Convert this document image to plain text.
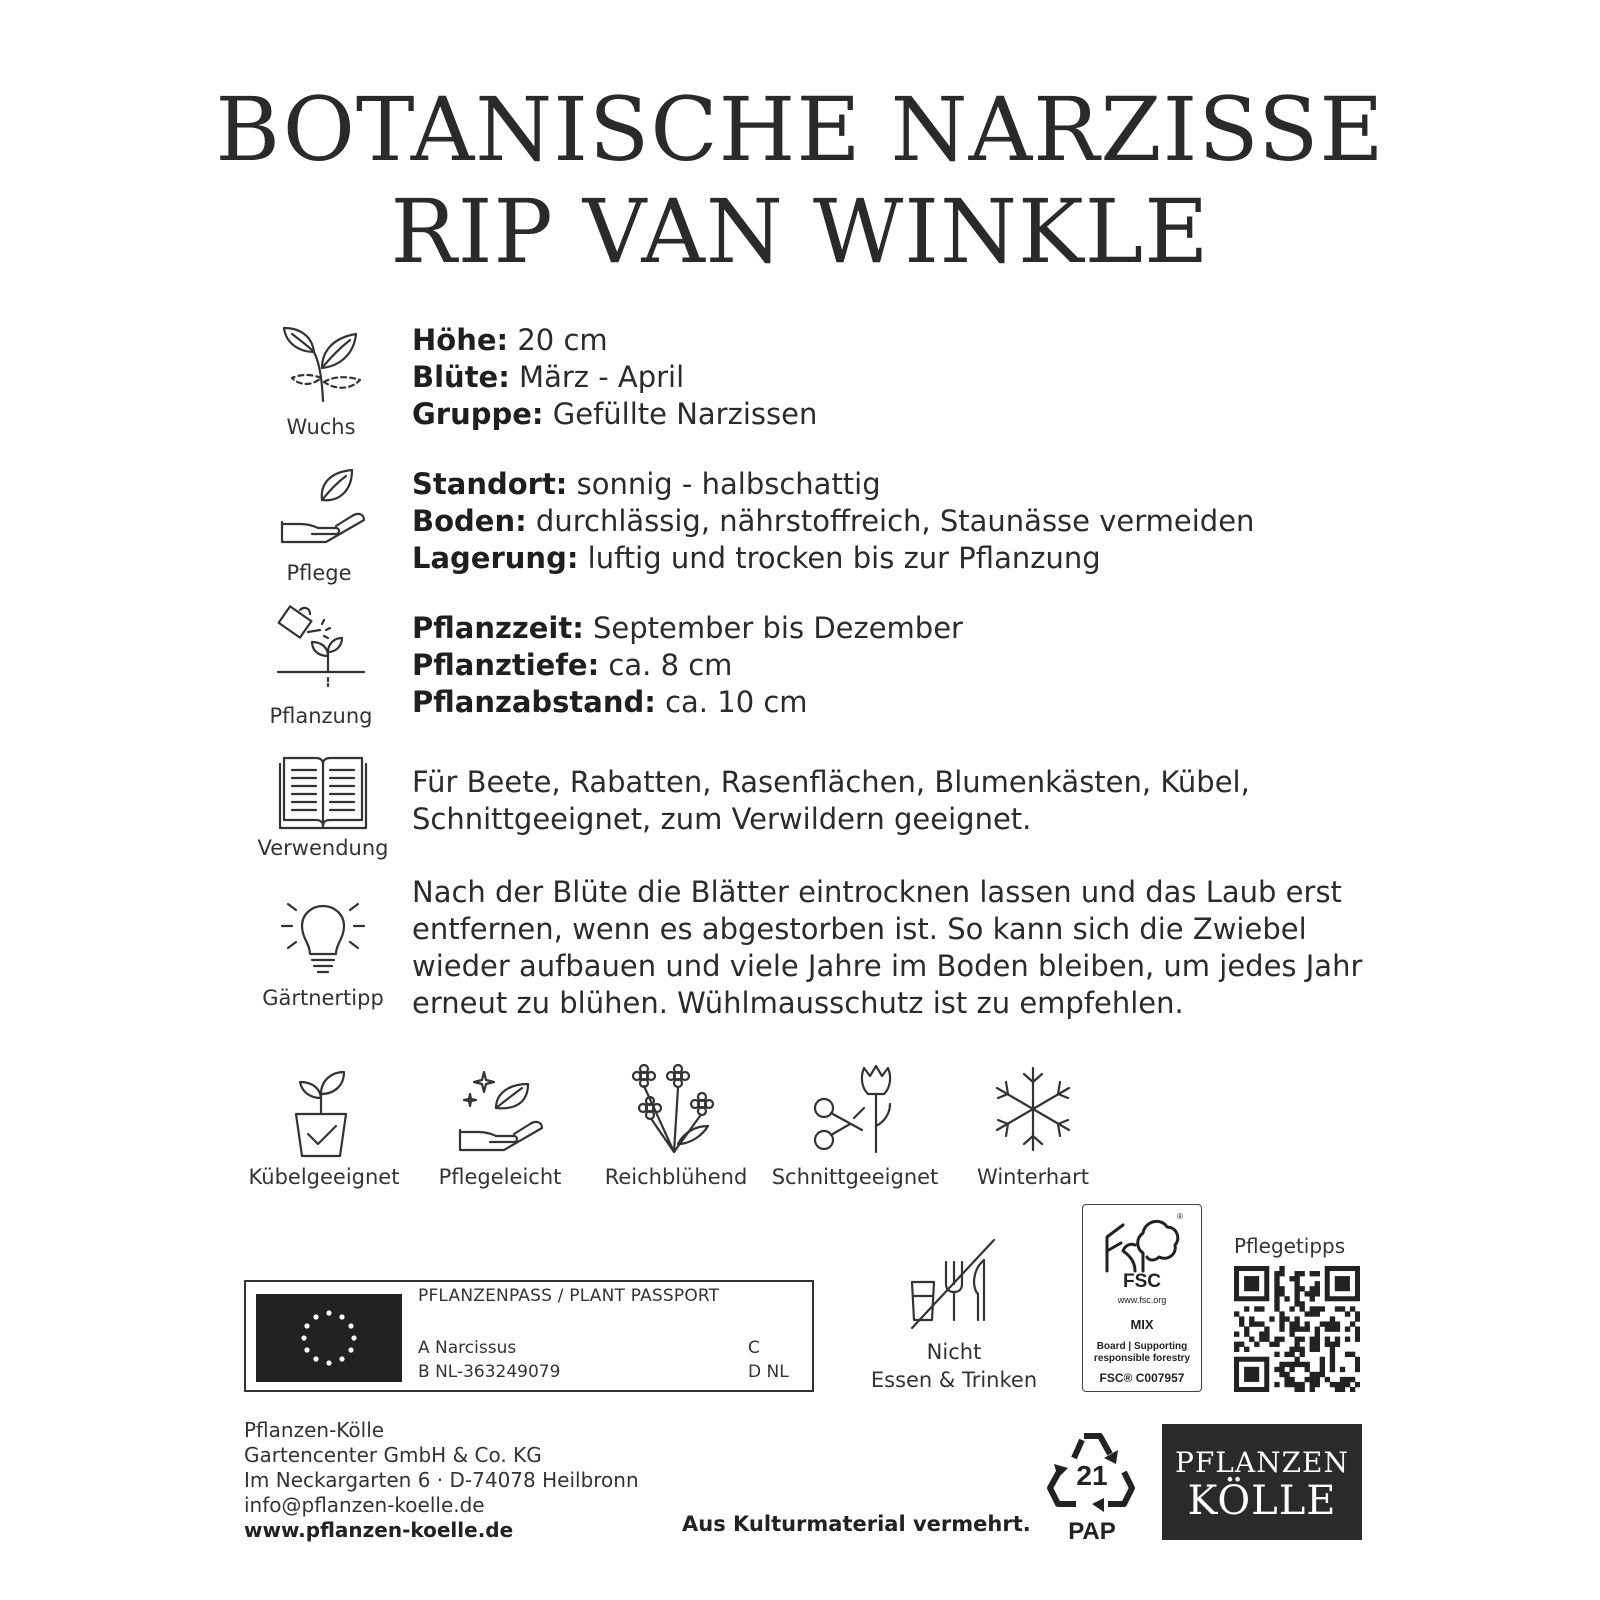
BOTANISCHE NARZISSE
RIP VAN WINKLE
Wuchs
Höhe: 20 cm
Blüte: März - April
Gruppe: Gefüllte Narzissen
Pflege
Standort: sonnig - halbschattig
Boden: durchlässig, nährstoffreich, Staunässe vermeiden
Lagerung: luftig und trocken bis zur Pflanzung
Pflanzung
Pflanzzeit: September bis Dezember
Pflanztiefe: ca. 8 cm
Pflanzabstand: ca. 10 cm
Verwendung
Für Beete, Rabatten, Rasenflächen, Blumenkästen, Kübel,
Schnittgeeignet, zum Verwildern geeignet.
Gärtnertipp
Nach der Blüte die Blätter eintrocknen lassen und das Laub erst
entfernen, wenn es abgestorben ist. So kann sich die Zwiebel
wieder aufbauen und viele Jahre im Boden bleiben, um jedes Jahr
erneut zu blühen. Wühlmausschutz ist zu empfehlen.
Kübelgeeignet	Pflegeleicht	Reichblühend	Schnittgeeignet	Winterhart
PFLANZENPASS / PLANT PASSPORT
A Narcissus
B NL-363249079
C
D NL
Nicht
Essen & Trinken
®
FSC
www.fsc.org
MIX
Board | Supporting
responsible forestry
FSC® C007957
Pflegetipps
Pflanzen-Kölle
Gartencenter GmbH & Co. KG
Im Neckargarten 6 · D-74078 Heilbronn
info@pflanzen-koelle.de
www.pflanzen-koelle.de	Aus Kulturmaterial vermehrt.
21
PAP
PFLANZEN
KÖLLE
